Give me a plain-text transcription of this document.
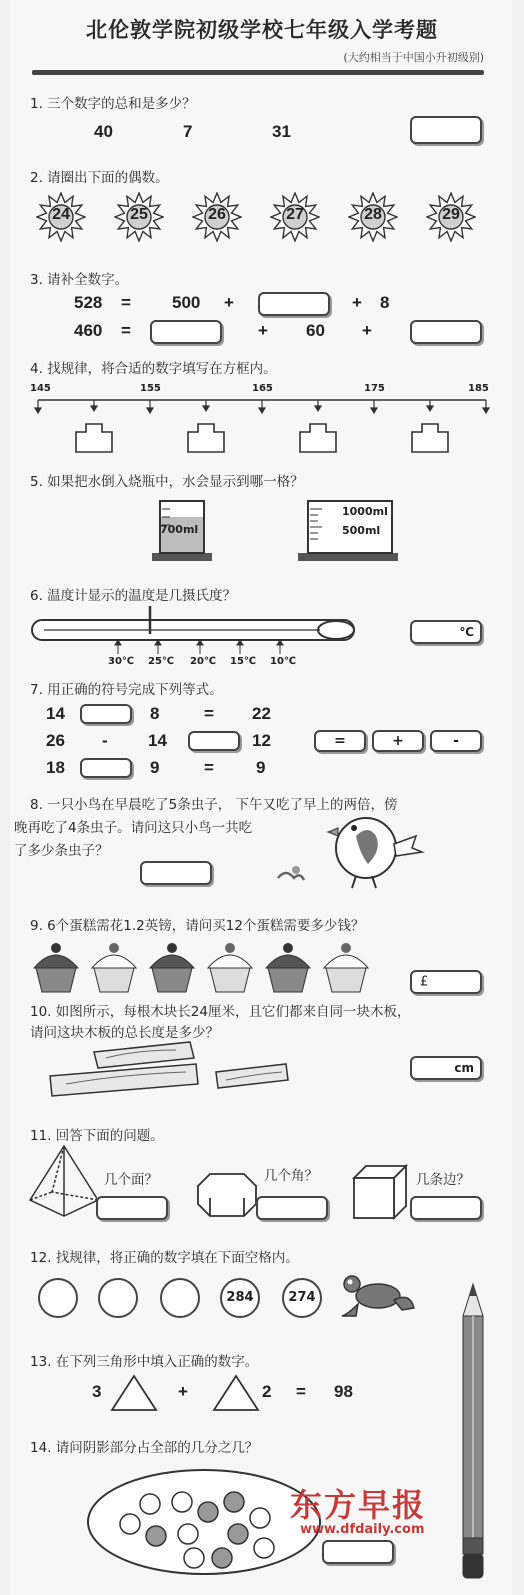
北伦敦学院初级学校七年级入学考题
(大约相当于中国小升初级别)
1. 三个数字的总和是多少？
40	7	31
2. 请圈出下面的偶数。
24	25	26	27	28	29
3. 请补全数字。
528 = 500 +	+ 8
460 =	+ 60 +
4. 找规律，将合适的数字填写在方框内。
145	155	165	175	185
5. 如果把水倒入烧瓶中，水会显示到哪一格？
700ml
1000ml
500ml
6. 温度计显示的温度是几摄氏度？
30℃ 25℃ 20℃ 15℃ 10℃
℃
7. 用正确的符号完成下列等式。
14	8	= 22
26 - 14	12
18	9	= 9
=	+	-
8. 一只小鸟在早晨吃了5条虫子， 下午又吃了早上的两倍，傍
晚再吃了4条虫子。请问这只小鸟一共吃
了多少条虫子？
9. 6个蛋糕需花1.2英镑，请问买12个蛋糕需要多少钱？
£
10. 如图所示，每根木块长24厘米，且它们都来自同一块木板，
请问这块木板的总长度是多少？
cm
11. 回答下面的问题。
几个面？	几个角？	几条边？
12. 找规律，将正确的数字填在下面空格内。
284	274
13. 在下列三角形中填入正确的数字。
3	+	2 = 98
14. 请问阴影部分占全部的几分之几？
东方早报
www.dfdaily.com
